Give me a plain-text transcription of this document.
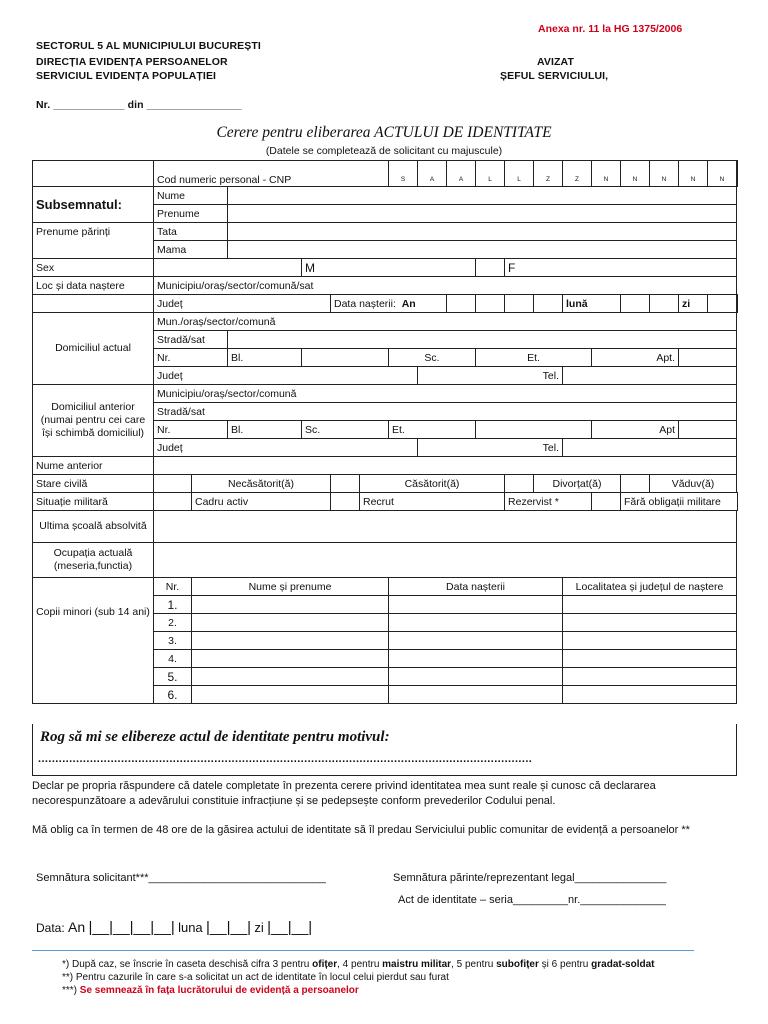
Anexa nr. 11 la HG 1375/2006
SECTORUL 5 AL MUNICIPIULUI BUCUREȘTI
DIRECȚIA EVIDENȚA PERSOANELOR
SERVICIUL EVIDENȚA POPULAȚIEI
AVIZAT
ȘEFUL SERVICIULUI,
Nr. ____________ din ________________
Cerere pentru eliberarea ACTULUI DE IDENTITATE
(Datele se completează de solicitant cu majuscule)
	Cod numeric personal - CNP						S	A	A	L	L	Z	Z	N	N	N	N	N	
Subsemnatul:	Nume																		
	Prenume																		
Prenume părinți	Tata																		
	Mama																		
Sex				M							F								
Loc și data naștere	Municipiu/oraș/sector/comună/sat																		
	Județ				Data nașterii: An								lună				zi		
Domiciliul actual	Mun./oraș/sector/comună																		
	Stradă/sat																		
	Nr.		Bl.				Sc.			Et.				Apt.					
	Județ							Tel.											
Domiciliul anterior (numai pentru cei care își schimbă domiciliul)	Municipiu/oraș/sector/comună																		
	Stradă/sat																		
	Nr.		Bl.	Sc.			Et.							Apt					
	Județ							Tel.											
Nume anterior																			
Stare civilă		Necăsătorit(ă)				Căsătorit(ă)						Divorțat(ă)				Văduv(ă)			
Situație militară		Cadru activ				Recrut					Rezervist *				Fără obligații militare				
Ultima școală absolvită																			
Ocupația actuală (meseria,functia)																			
Copii minori (sub 14 ani)	Nr.	Nume și prenume					Data nașterii						Localitatea și județul de naștere						
	1.																		
	2.																		
	3.																		
	4.																		
	5.																		
	6.																		
Rog să mi se elibereze actul de identitate pentru motivul:
...............................................................................................................................................
Declar pe propria răspundere că datele completate în prezenta cerere privind identitatea mea sunt reale și cunosc că declararea necorespunzătoare a adevărului constituie infracțiune și se pedepsește conform prevederilor Codului penal.
Mă oblig ca în termen de 48 ore de la găsirea actului de identitate să îl predau Serviciului public comunitar de evidență a persoanelor **
Semnătura solicitant***_____________________________	Semnătura părinte/reprezentant legal_______________
Act de identitate – seria_________nr.______________
Data: An |__|__|__|__| luna |__|__| zi |__|__|
*) După caz, se înscrie în caseta deschisă cifra 3 pentru ofițer, 4 pentru maistru militar, 5 pentru subofițer și 6 pentru gradat-soldat
**) Pentru cazurile în care s-a solicitat un act de identitate în locul celui pierdut sau furat
***) Se semnează în fața lucrătorului de evidență a persoanelor
